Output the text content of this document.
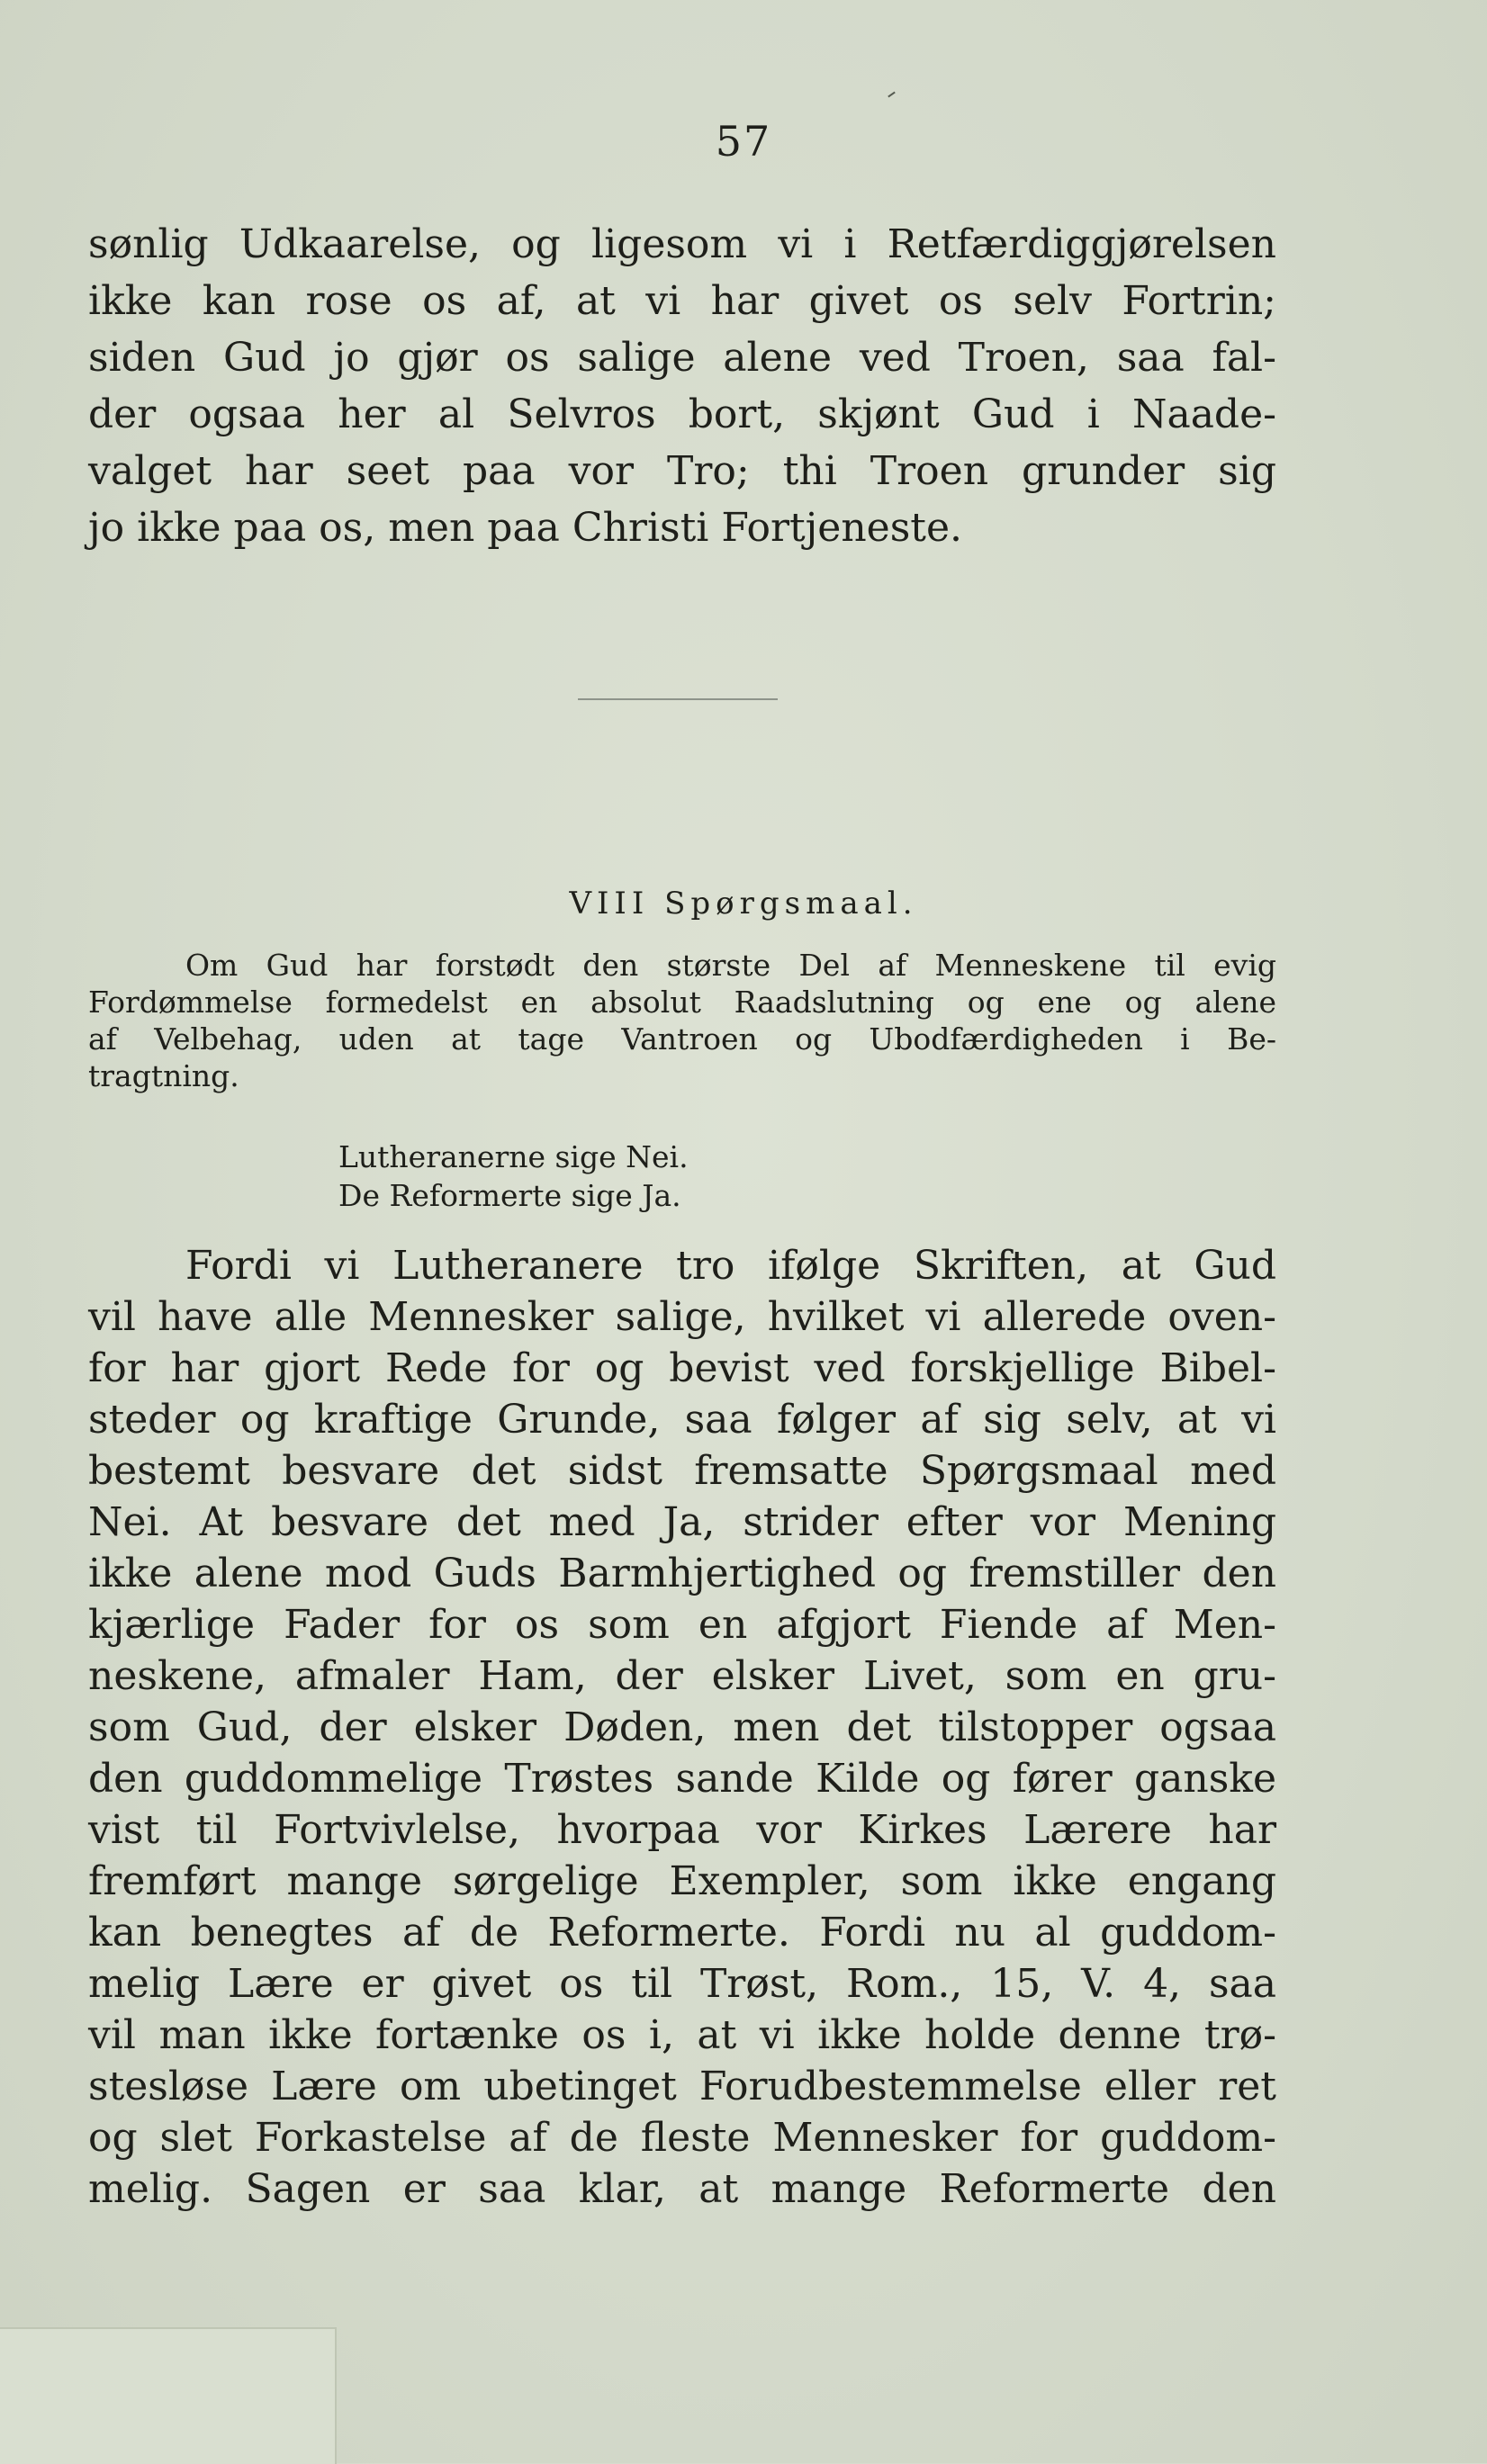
57
sønlig Udkaarelse, og ligesom vi i Retfærdiggjørelsen
ikke kan rose os af, at vi har givet os selv Fortrin;
siden Gud jo gjør os salige alene ved Troen, saa fal-
der ogsaa her al Selvros bort, skjønt Gud i Naade-
valget har seet paa vor Tro; thi Troen grunder sig
jo ikke paa os, men paa Christi Fortjeneste.
VIII Spørgsmaal.
Om Gud har forstødt den største Del af Menneskene til evig
Fordømmelse formedelst en absolut Raadslutning og ene og alene
af Velbehag, uden at tage Vantroen og Ubodfærdigheden i Be-
tragtning.
Lutheranerne sige Nei.
De Reformerte sige Ja.
Fordi vi Lutheranere tro ifølge Skriften, at Gud
vil have alle Mennesker salige, hvilket vi allerede oven-
for har gjort Rede for og bevist ved forskjellige Bibel-
steder og kraftige Grunde, saa følger af sig selv, at vi
bestemt besvare det sidst fremsatte Spørgsmaal med
Nei. At besvare det med Ja, strider efter vor Mening
ikke alene mod Guds Barmhjertighed og fremstiller den
kjærlige Fader for os som en afgjort Fiende af Men-
neskene, afmaler Ham, der elsker Livet, som en gru-
som Gud, der elsker Døden, men det tilstopper ogsaa
den guddommelige Trøstes sande Kilde og fører ganske
vist til Fortvivlelse, hvorpaa vor Kirkes Lærere har
fremført mange sørgelige Exempler, som ikke engang
kan benegtes af de Reformerte. Fordi nu al guddom-
melig Lære er givet os til Trøst, Rom., 15, V. 4, saa
vil man ikke fortænke os i, at vi ikke holde denne trø-
stesløse Lære om ubetinget Forudbestemmelse eller ret
og slet Forkastelse af de fleste Mennesker for guddom-
melig. Sagen er saa klar, at mange Reformerte den
